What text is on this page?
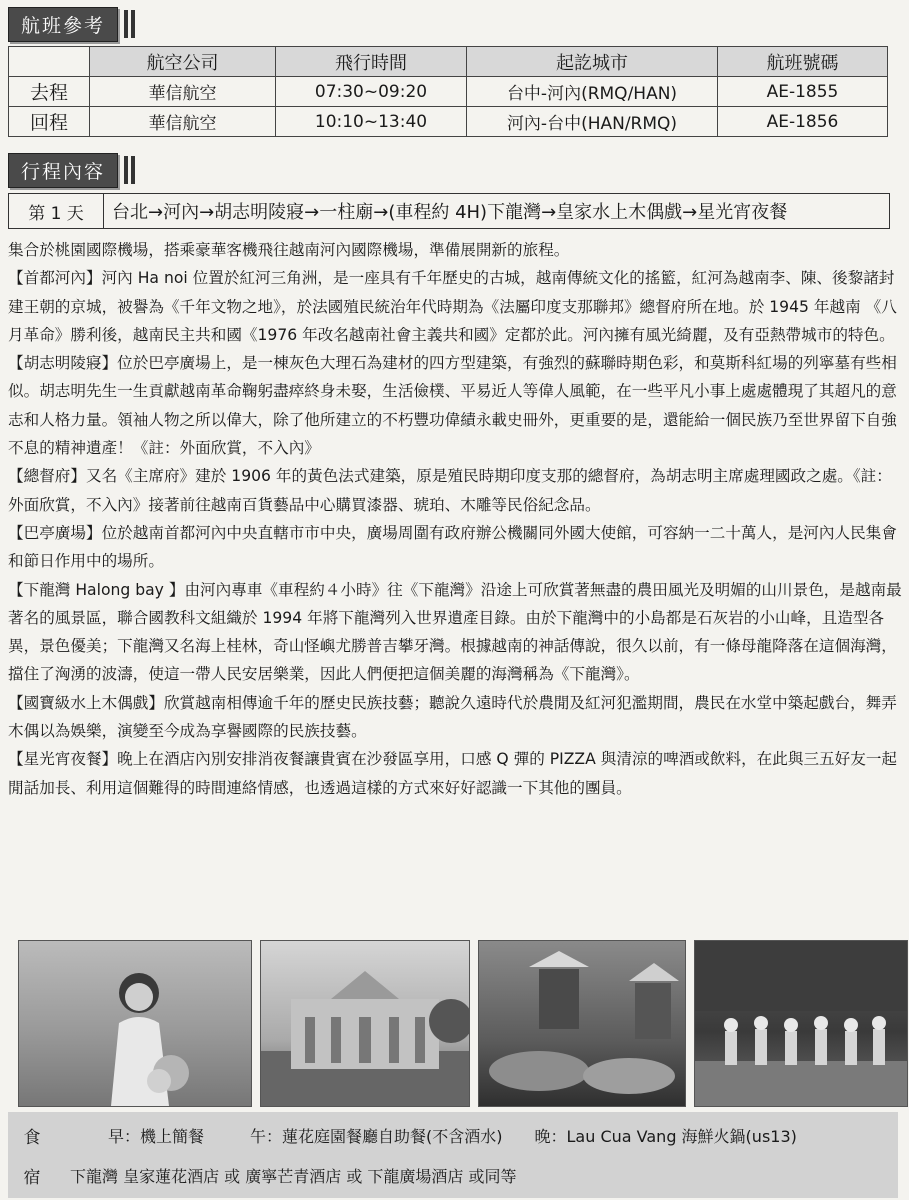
航班參考
	航空公司	飛行時間	起訖城市	航班號碼
去程	華信航空	07:30~09:20	台中-河內(RMQ/HAN)	AE-1855
回程	華信航空	10:10~13:40	河內-台中(HAN/RMQ)	AE-1856
行程內容
第 1 天	台北→河內→胡志明陵寢→一柱廟→(車程約 4H)下龍灣→皇家水上木偶戲→星光宵夜餐

集合於桃園國際機場，搭乘豪華客機飛往越南河內國際機場，準備展開新的旅程。

【首都河內】河內 Ha noi 位置於紅河三角洲，是一座具有千年歷史的古城，越南傳統文化的搖籃，紅河為越南李、陳、後黎諸封建王朝的京城，被譽為《千年文物之地》，於法國殖民統治年代時期為《法屬印度支那聯邦》總督府所在地。於 1945 年越南 《八月革命》勝利後，越南民主共和國《1976 年改名越南社會主義共和國》定都於此。河內擁有風光綺麗，及有亞熱帶城市的特色。

【胡志明陵寢】位於巴亭廣場上，是一棟灰色大理石為建材的四方型建築，有強烈的蘇聯時期色彩，和莫斯科紅場的列寧墓有些相似。胡志明先生一生貢獻越南革命鞠躬盡瘁終身未娶，生活儉樸、平易近人等偉人風範，在一些平凡小事上處處體現了其超凡的意志和人格力量。領袖人物之所以偉大，除了他所建立的不朽豐功偉績永載史冊外，更重要的是，還能給一個民族乃至世界留下自強不息的精神遺產！《註：外面欣賞，不入內》

【總督府】又名《主席府》建於 1906 年的黃色法式建築，原是殖民時期印度支那的總督府，為胡志明主席處理國政之處。《註：外面欣賞，不入內》接著前往越南百貨藝品中心購買漆器、琥珀、木雕等民俗紀念品。

【巴亭廣場】位於越南首都河內中央直轄市市中央，廣場周圍有政府辦公機關同外國大使館，可容納一二十萬人，是河內人民集會和節日作用中的場所。

【下龍灣 Halong bay 】由河內專車《車程約４小時》往《下龍灣》沿途上可欣賞著無盡的農田風光及明媚的山川景色，是越南最著名的風景區，聯合國教科文組織於 1994 年將下龍灣列入世界遺產目錄。由於下龍灣中的小島都是石灰岩的小山峰，且造型各異，景色優美；下龍灣又名海上桂林，奇山怪嶼尤勝普吉攀牙灣。根據越南的神話傳說，很久以前，有一條母龍降落在這個海灣，擋住了洶湧的波濤，使這一帶人民安居樂業，因此人們便把這個美麗的海灣稱為《下龍灣》。

【國寶級水上木偶戲】欣賞越南相傳逾千年的歷史民族技藝；聽說久遠時代於農閒及紅河犯濫期間，農民在水堂中築起戲台，舞弄木偶以為娛樂，演變至今成為享譽國際的民族技藝。

【星光宵夜餐】晚上在酒店內別安排消夜餐讓貴賓在沙發區享用，口感 Q 彈的 PIZZA 與清涼的啤酒或飲料，在此與三五好友一起閒話加長、利用這個難得的時間連絡情感，也透過這樣的方式來好好認識一下其他的團員。

食	早：機上簡餐	午：蓮花庭園餐廳自助餐(不含酒水) 晚：Lau Cua Vang 海鮮火鍋(us13)
宿	下龍灣 皇家蓮花酒店 或 廣寧芒青酒店 或 下龍廣場酒店 或同等
